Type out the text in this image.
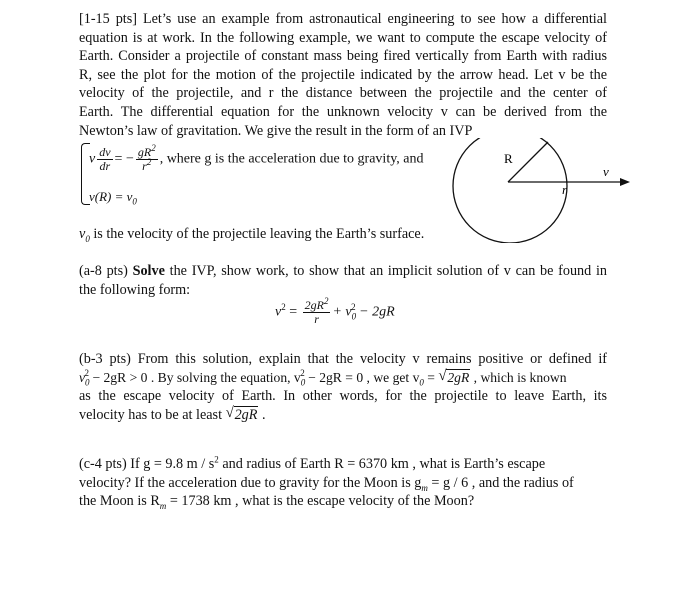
[1-15 pts] Let’s use an example from astronautical engineering to see how a differential
equation is at work. In the following example, we want to compute the escape velocity of
Earth. Consider a projectile of constant mass being fired vertically from Earth with radius
R, see the plot for the motion of the projectile indicated by the arrow head. Let v be the
velocity of the projectile, and r the distance between the projectile and the center of
Earth. The differential equation for the unknown velocity v can be derived from the
Newton’s law of gravitation. We give the result in the form of an IVP
v $\frac{dv}{dr}$ = − $\frac{gR^2}{r^2}$ , where g is the acceleration due to gravity, and
$v(R) = v_0$
R
r
v
$v_0$ is the velocity of the projectile leaving the Earth’s surface.
(a-8 pts) Solve the IVP, show work, to show that an implicit solution of v can be found in
the following form:
$v^2 = \frac{2gR^2}{r} + v_0^2 - 2gR$
(b-3 pts) From this solution, explain that the velocity v remains positive or defined if
$v_0^2 - 2gR > 0$ . By solving the equation, $v_0^2 - 2gR = 0$ , we get $v_0$ = √ 2gR , which is known
as the escape velocity of Earth. In other words, for the projectile to leave Earth, its
velocity has to be at least √ 2gR .
(c-4 pts) If g = 9.8 m / $s^2$ and radius of Earth R = 6370 km , what is Earth’s escape
velocity? If the acceleration due to gravity for the Moon is $g_m = g / 6$ , and the radius of
the Moon is $R_m = 1738$ km , what is the escape velocity of the Moon?
